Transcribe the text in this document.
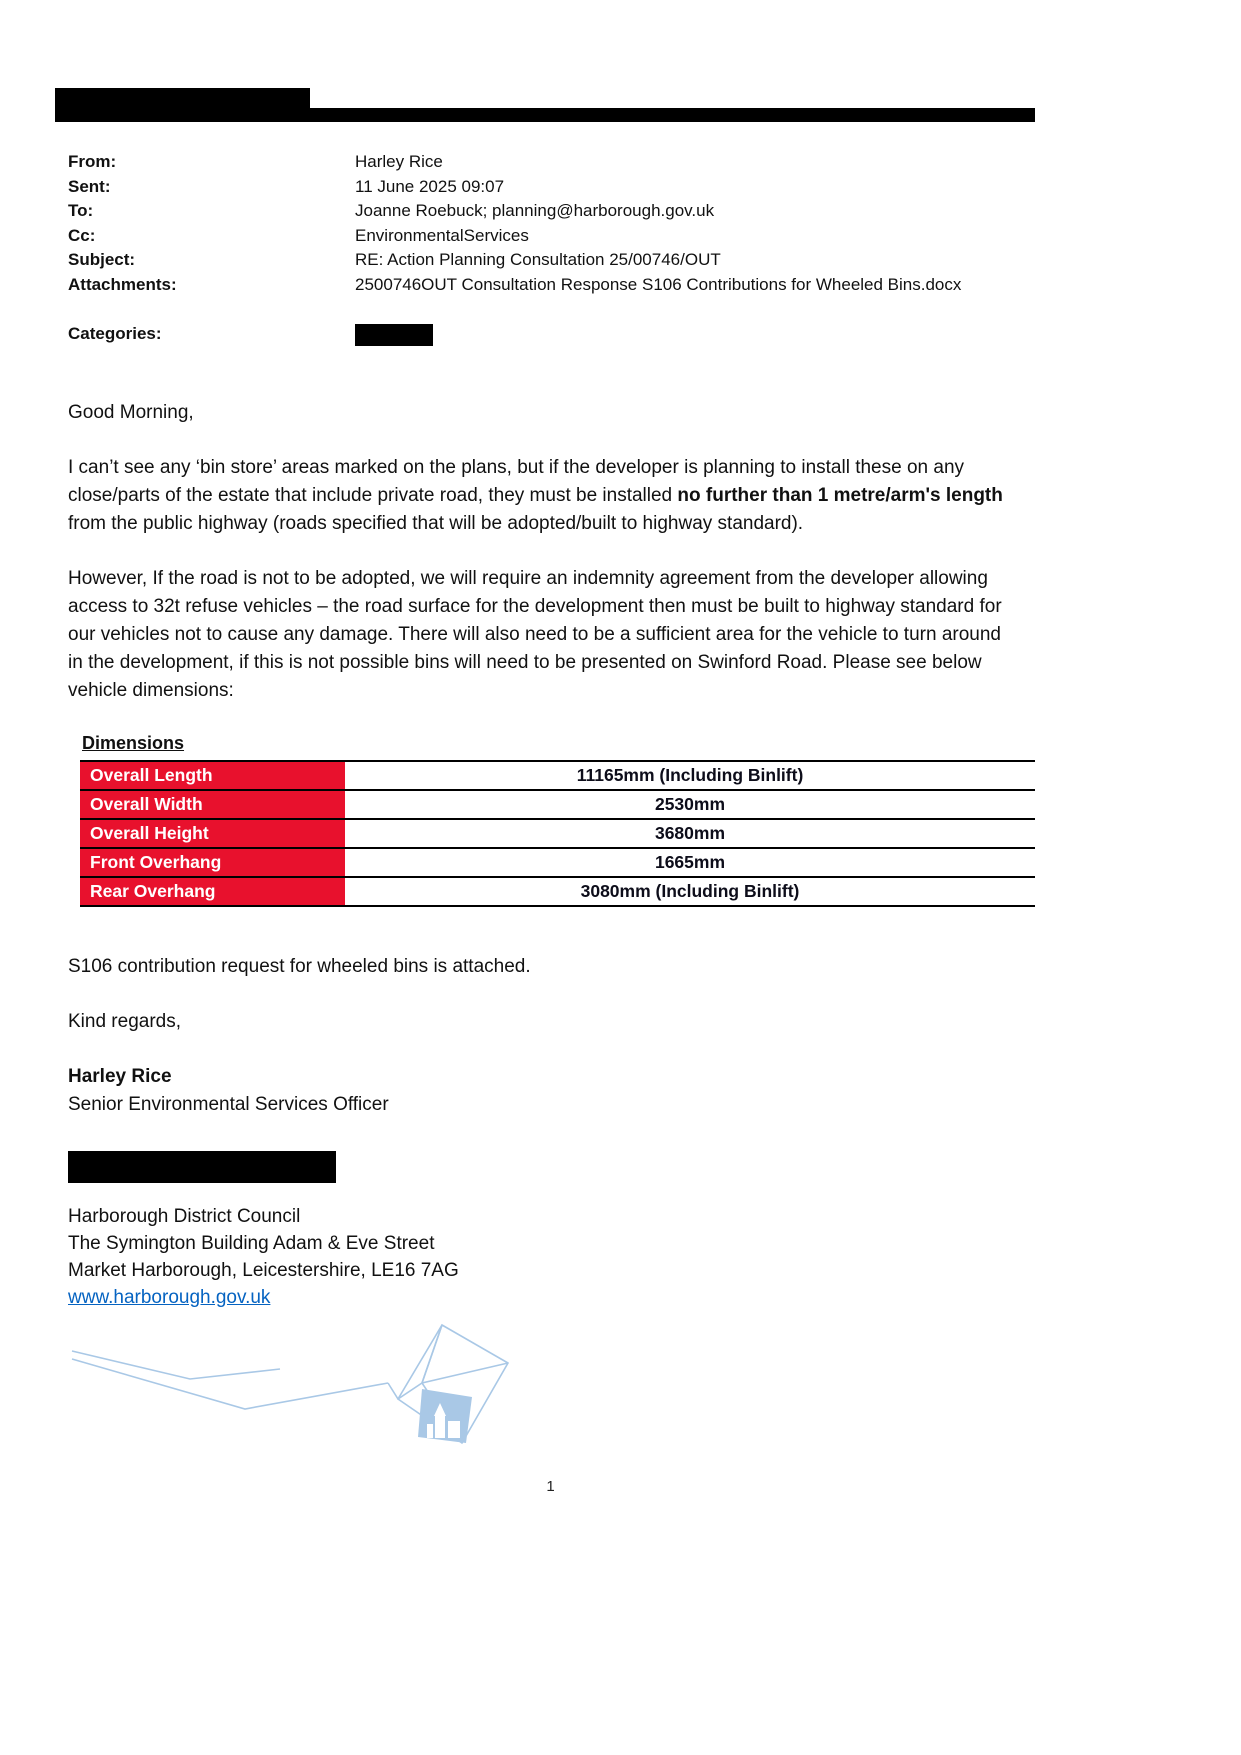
From:	Harley Rice
Sent:	11 June 2025 09:07
To:	Joanne Roebuck; planning@harborough.gov.uk
Cc:	EnvironmentalServices
Subject:	RE: Action Planning Consultation 25/00746/OUT
Attachments:	2500746OUT Consultation Response S106 Contributions for Wheeled Bins.docx
Categories:

Good Morning,

I can’t see any ‘bin store’ areas marked on the plans, but if the developer is planning to install these on any close/parts of the estate that include private road, they must be installed no further than 1 metre/arm's length from the public highway (roads specified that will be adopted/built to highway standard).

However, If the road is not to be adopted, we will require an indemnity agreement from the developer allowing access to 32t refuse vehicles – the road surface for the development then must be built to highway standard for our vehicles not to cause any damage. There will also need to be a sufficient area for the vehicle to turn around in the development, if this is not possible bins will need to be presented on Swinford Road. Please see below vehicle dimensions:

Dimensions
Overall Length	11165mm (Including Binlift)
Overall Width	2530mm
Overall Height	3680mm
Front Overhang	1665mm
Rear Overhang	3080mm (Including Binlift)

S106 contribution request for wheeled bins is attached.

Kind regards,

Harley Rice

Senior Environmental Services Officer

Harborough District Council
The Symington Building Adam & Eve Street
Market Harborough, Leicestershire, LE16 7AG
www.harborough.gov.uk
1
